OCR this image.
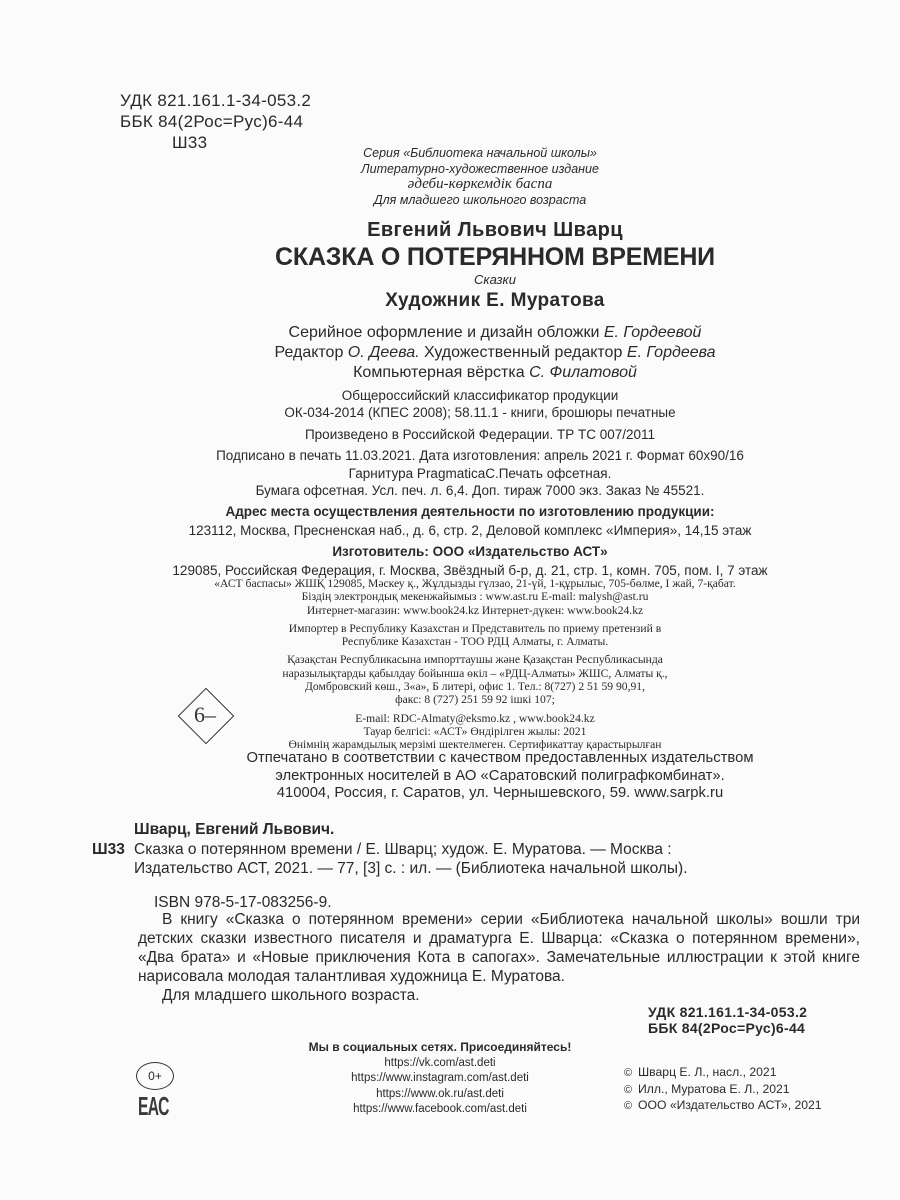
УДК 821.161.1-34-053.2
ББК 84(2Рос=Рус)6-44
Ш33
Серия «Библиотека начальной школы»
Литературно-художественное издание
әдеби-көркемдік баспа
Для младшего школьного возраста
Евгений Львович Шварц
СКАЗКА О ПОТЕРЯННОМ ВРЕМЕНИ
Сказки
Художник Е. Муратова
Серийное оформление и дизайн обложки Е. Гордеевой
Редактор О. Деева. Художественный редактор Е. Гордеева
Компьютерная вёрстка С. Филатовой
Общероссийский классификатор продукции
ОК-034-2014 (КПЕС 2008); 58.11.1 - книги, брошюры печатные
Произведено в Российской Федерации. ТР ТС 007/2011
Подписано в печать 11.03.2021. Дата изготовления: апрель 2021 г. Формат 60x90/16
Гарнитура PragmaticaC.Печать офсетная.
Бумага офсетная. Усл. печ. л. 6,4. Доп. тираж 7000 экз. Заказ № 45521.
Адрес места осуществления деятельности по изготовлению продукции:
123112, Москва, Пресненская наб., д. 6, стр. 2, Деловой комплекс «Империя», 14,15 этаж
Изготовитель: ООО «Издательство АСТ»
129085, Российская Федерация, г. Москва, Звёздный б-р, д. 21, стр. 1, комн. 705, пом. I, 7 этаж
«АСТ баспасы» ЖШҚ 129085, Мәскеу қ., Жұлдызды гүлзао, 21-үй, 1-құрылыс, 705-бөлме, I жай, 7-қабат.
Біздің электрондық мекенжайымыз : www.ast.ru E-mail: malysh@ast.ru
Интернет-магазин: www.book24.kz Интернет-дүкен: www.book24.kz
Импортер в Республику Казахстан и Представитель по приему претензий в
Республике Казахстан - ТОО РДЦ Алматы, г. Алматы.
Қазақстан Республикасына импорттаушы және Қазақстан Республикасында
наразылықтарды қабылдау бойынша өкіл – «РДЦ-Алматы» ЖШС, Алматы қ.,
Домбровский көш., 3«а», Б литері, офис 1. Тел.: 8(727) 2 51 59 90,91,
факс: 8 (727) 251 59 92 ішкі 107;
E-mail: RDC-Almaty@eksmo.kz , www.book24.kz
Тауар белгісі: «АСТ» Өндірілген жылы: 2021
Өнімнің жарамдылық мерзімі шектелмеген. Сертификаттау қарастырылған
6–
Отпечатано в соответствии с качеством предоставленных издательством
электронных носителей в АО «Саратовский полиграфкомбинат».
410004, Россия, г. Саратов, ул. Чернышевского, 59. www.sarpk.ru
Шварц, Евгений Львович.
Ш33 Сказка о потерянном времени / Е. Шварц; худож. Е. Муратова. — Москва :
Издательство АСТ, 2021. — 77, [3] с. : ил. — (Библиотека начальной школы).
ISBN 978-5-17-083256-9.
В книгу «Сказка о потерянном времени» серии «Библиотека начальной школы» вошли три детских сказки известного писателя и драматурга Е. Шварца: «Сказка о потерянном времени», «Два брата» и «Новые приключения Кота в сапогах». Замечательные иллюстрации к этой книге нарисовала молодая талантливая художница Е. Муратова.
Для младшего школьного возраста.
УДК 821.161.1-34-053.2
ББК 84(2Рос=Рус)6-44
Мы в социальных сетях. Присоединяйтесь!
https://vk.com/ast.deti
https://www.instagram.com/ast.deti
https://www.ok.ru/ast.deti
https://www.facebook.com/ast.deti
0+
ЕАС
© Шварц Е. Л., насл., 2021
© Илл., Муратова Е. Л., 2021
© ООО «Издательство АСТ», 2021
